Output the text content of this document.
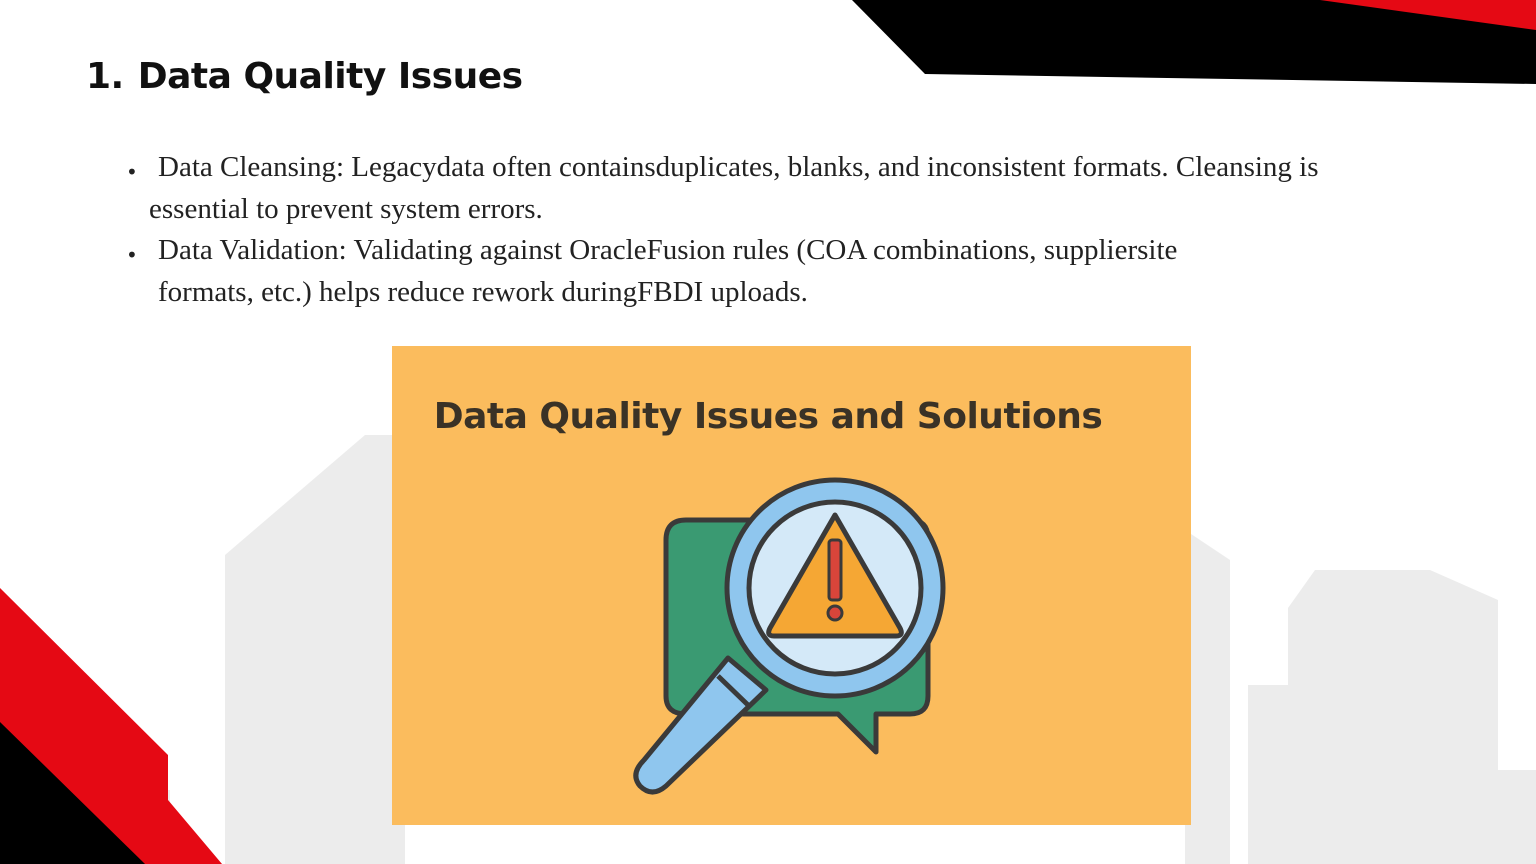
1. Data Quality Issues
• Data Cleansing: Legacydata often containsduplicates, blanks, and inconsistent formats. Cleansing is
essential to prevent system errors.
• Data Validation: Validating against OracleFusion rules (COA combinations, suppliersite
formats, etc.) helps reduce rework duringFBDI uploads.
Data Quality Issues and Solutions
